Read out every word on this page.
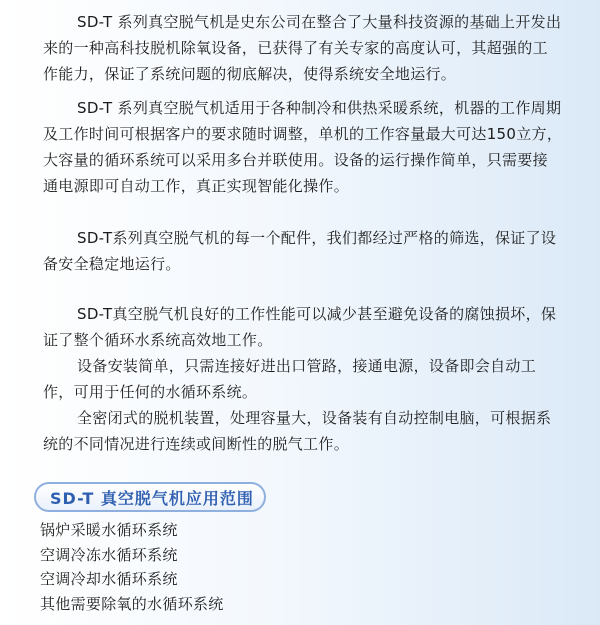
SD-T 系列真空脱气机是史东公司在整合了大量科技资源的基础上开发出来的一种高科技脱机除氧设备，已获得了有关专家的高度认可，其超强的工作能力，保证了系统问题的彻底解决，使得系统安全地运行。

SD-T 系列真空脱气机适用于各种制冷和供热采暖系统，机器的工作周期及工作时间可根据客户的要求随时调整，单机的工作容量最大可达150立方，大容量的循环系统可以采用多台并联使用。设备的运行操作简单，只需要接通电源即可自动工作，真正实现智能化操作。

SD-T系列真空脱气机的每一个配件，我们都经过严格的筛选，保证了设备安全稳定地运行。

SD-T真空脱气机良好的工作性能可以减少甚至避免设备的腐蚀损坏，保证了整个循环水系统高效地工作。

设备安装简单，只需连接好进出口管路，接通电源，设备即会自动工作，可用于任何的水循环系统。

全密闭式的脱机装置，处理容量大，设备装有自动控制电脑，可根据系统的不同情况进行连续或间断性的脱气工作。

SD-T 真空脱气机应用范围
锅炉采暖水循环系统
空调冷冻水循环系统
空调冷却水循环系统
其他需要除氧的水循环系统
